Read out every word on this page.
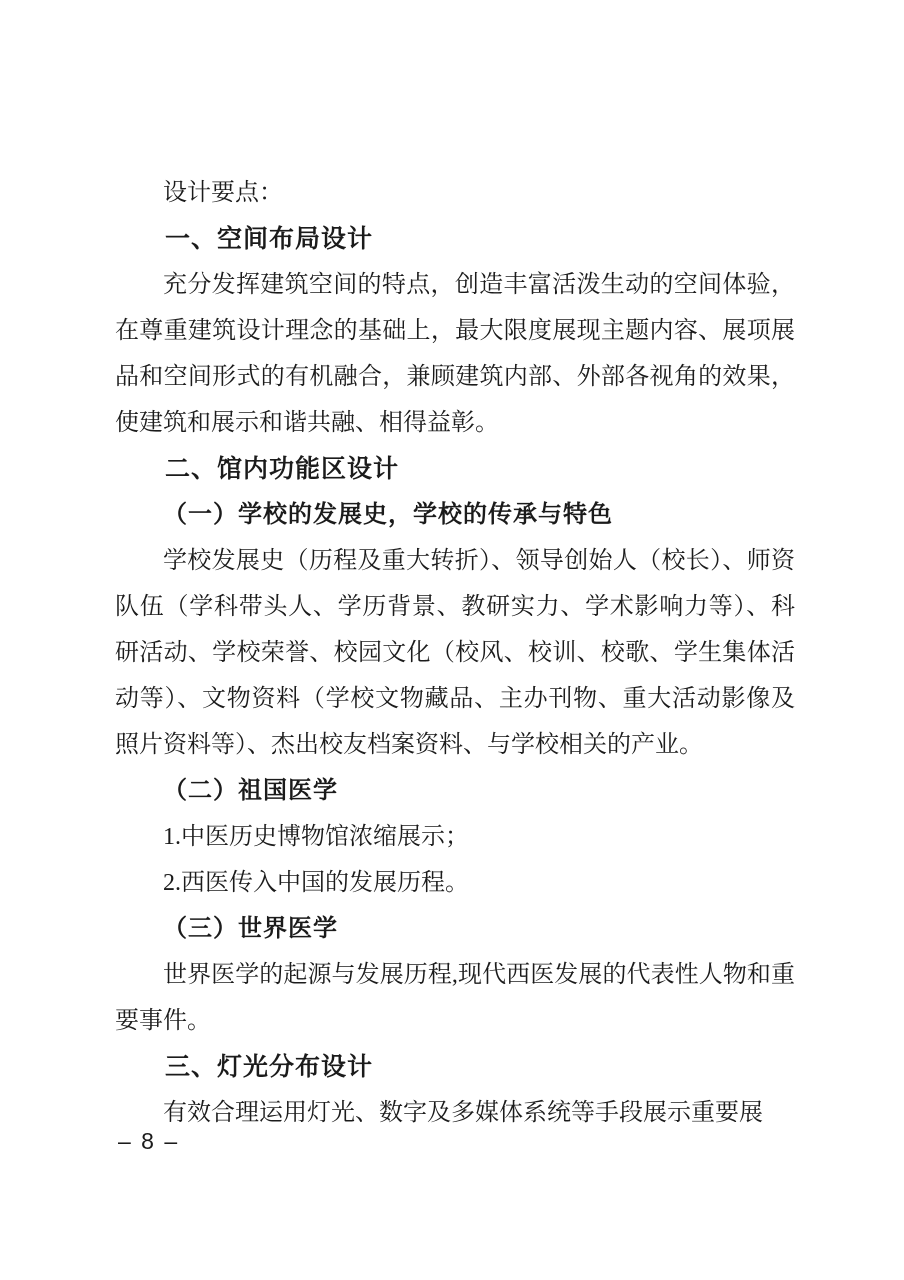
设计要点：

一、空间布局设计

充分发挥建筑空间的特点，创造丰富活泼生动的空间体验，在尊重建筑设计理念的基础上，最大限度展现主题内容、展项展品和空间形式的有机融合，兼顾建筑内部、外部各视角的效果，使建筑和展示和谐共融、相得益彰。

二、馆内功能区设计
（一）学校的发展史，学校的传承与特色

学校发展史（历程及重大转折）、领导创始人（校长）、师资队伍（学科带头人、学历背景、教研实力、学术影响力等）、科研活动、学校荣誉、校园文化（校风、校训、校歌、学生集体活动等）、文物资料（学校文物藏品、主办刊物、重大活动影像及照片资料等）、杰出校友档案资料、与学校相关的产业。

（二）祖国医学

1.中医历史博物馆浓缩展示；

2.西医传入中国的发展历程。

（三）世界医学

世界医学的起源与发展历程,现代西医发展的代表性人物和重要事件。

三、灯光分布设计

有效合理运用灯光、数字及多媒体系统等手段展示重要展

– 8 –
